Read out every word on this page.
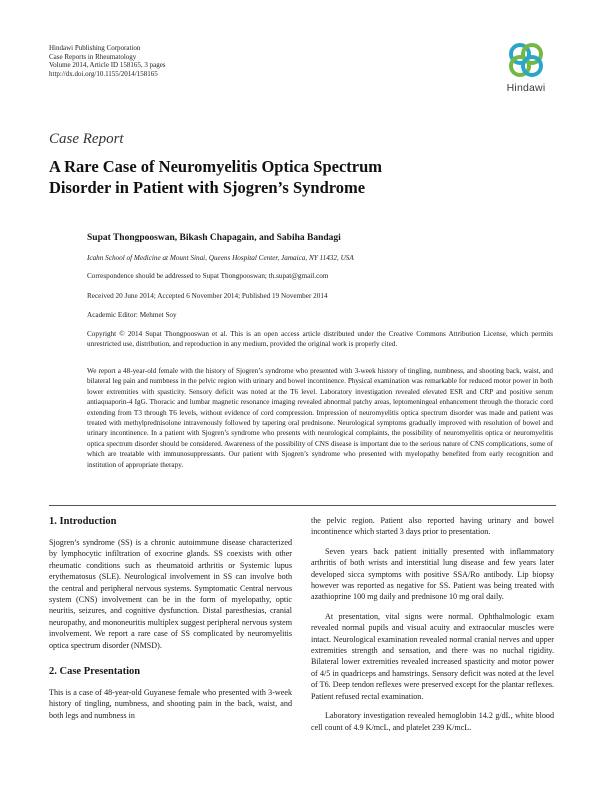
Hindawi Publishing Corporation
Case Reports in Rheumatology
Volume 2014, Article ID 158165, 3 pages
http://dx.doi.org/10.1155/2014/158165
Hindawi
Case Report
A Rare Case of Neuromyelitis Optica Spectrum
Disorder in Patient with Sjogren’s Syndrome
Supat Thongpooswan, Bikash Chapagain, and Sabiha Bandagi
Icahn School of Medicine at Mount Sinai, Queens Hospital Center, Jamaica, NY 11432, USA
Correspondence should be addressed to Supat Thongpooswan; th.supat@gmail.com
Received 20 June 2014; Accepted 6 November 2014; Published 19 November 2014
Academic Editor: Mehmet Soy
Copyright © 2014 Supat Thongpooswan et al. This is an open access article distributed under the Creative Commons Attribution License, which permits unrestricted use, distribution, and reproduction in any medium, provided the original work is properly cited.
We report a 48-year-old female with the history of Sjogren’s syndrome who presented with 3-week history of tingling, numbness, and shooting back, waist, and bilateral leg pain and numbness in the pelvic region with urinary and bowel incontinence. Physical examination was remarkable for reduced motor power in both lower extremities with spasticity. Sensory deficit was noted at the T6 level. Laboratory investigation revealed elevated ESR and CRP and positive serum antiaquaporin-4 IgG. Thoracic and lumbar magnetic resonance imaging revealed abnormal patchy areas, leptomeningeal enhancement through the thoracic cord extending from T3 through T6 levels, without evidence of cord compression. Impression of neuromyelitis optica spectrum disorder was made and patient was treated with methylprednisolone intravenously followed by tapering oral prednisone. Neurological symptoms gradually improved with resolution of bowel and urinary incontinence. In a patient with Sjogren’s syndrome who presents with neurological complaints, the possibility of neuromyelitis optica or neuromyelitis optica spectrum disorder should be considered. Awareness of the possibility of CNS disease is important due to the serious nature of CNS complications, some of which are treatable with immunosuppressants. Our patient with Sjogren’s syndrome who presented with myelopathy benefited from early recognition and institution of appropriate therapy.
1. Introduction

Sjogren’s syndrome (SS) is a chronic autoimmune disease characterized by lymphocytic infiltration of exocrine glands. SS coexists with other rheumatic conditions such as rheumatoid arthritis or Systemic lupus erythematosus (SLE). Neurological involvement in SS can involve both the central and peripheral nervous systems. Symptomatic Central nervous system (CNS) involvement can be in the form of myelopathy, optic neuritis, seizures, and cognitive dysfunction. Distal paresthesias, cranial neuropathy, and mononeuritis multiplex suggest peripheral nervous system involvement. We report a rare case of SS complicated by neuromyelitis optica spectrum disorder (NMSD).

2. Case Presentation

This is a case of 48-year-old Guyanese female who presented with 3-week history of tingling, numbness, and shooting pain in the back, waist, and both legs and numbness in

the pelvic region. Patient also reported having urinary and bowel incontinence which started 3 days prior to presentation.

Seven years back patient initially presented with inflammatory arthritis of both wrists and interstitial lung disease and few years later developed sicca symptoms with positive SSA/Ro antibody. Lip biopsy however was reported as negative for SS. Patient was being treated with azathioprine 100 mg daily and prednisone 10 mg oral daily.

At presentation, vital signs were normal. Ophthalmologic exam revealed normal pupils and visual acuity and extraocular muscles were intact. Neurological examination revealed normal cranial nerves and upper extremities strength and sensation, and there was no nuchal rigidity. Bilateral lower extremities revealed increased spasticity and motor power of 4/5 in quadriceps and hamstrings. Sensory deficit was noted at the level of T6. Deep tendon reflexes were preserved except for the plantar reflexes. Patient refused rectal examination.

Laboratory investigation revealed hemoglobin 14.2 g/dL, white blood cell count of 4.9 K/mcL, and platelet 239 K/mcL.
